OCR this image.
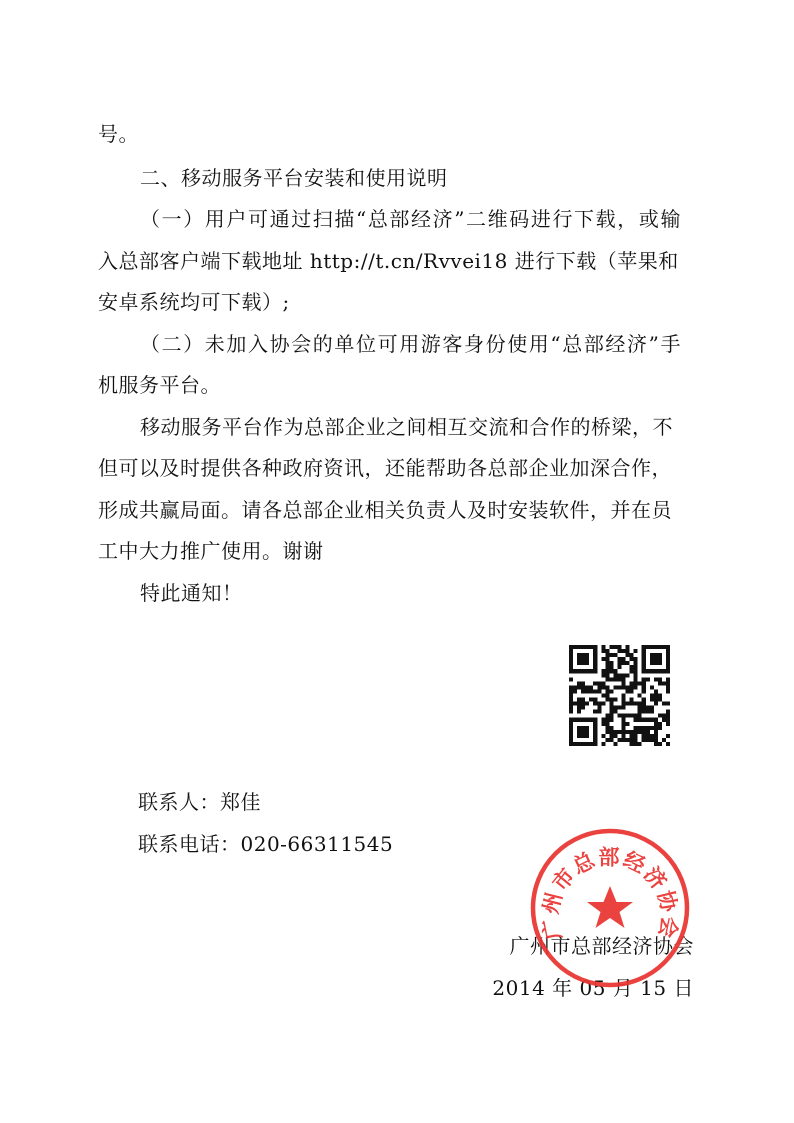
号。
二、移动服务平台安装和使用说明
（一）用户可通过扫描“总部经济”二维码进行下载，或输
入总部客户端下载地址 http://t.cn/Rvvei18 进行下载（苹果和
安卓系统均可下载）;
（二）未加入协会的单位可用游客身份使用“总部经济”手
机服务平台。
移动服务平台作为总部企业之间相互交流和合作的桥梁，不
但可以及时提供各种政府资讯，还能帮助各总部企业加深合作，
形成共赢局面。请各总部企业相关负责人及时安装软件，并在员
工中大力推广使用。谢谢
特此通知！
联系人：郑佳
联系电话：020-66311545
广州市总部经济协会
2014 年 05 月 15 日
广州市总部经济协会
